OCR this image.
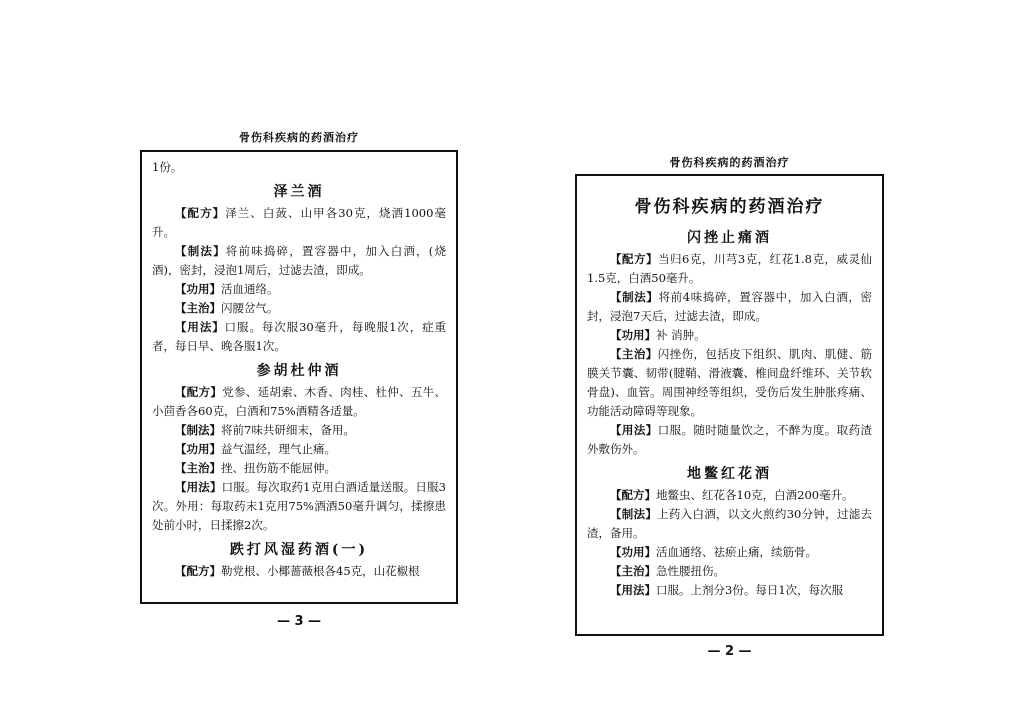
骨伤科疾病的药酒治疗

1份。

泽兰酒

【配方】泽兰、白蔹、山甲各30克，烧酒1000毫升。

【制法】将前味捣碎，置容器中，加入白酒，(烧酒)，密封，浸泡1周后，过滤去渣，即成。

【功用】活血通络。

【主治】闪腰岔气。

【用法】口服。每次服30毫升，每晚服1次，症重者，每日早、晚各服1次。

参胡杜仲酒

【配方】党参、延胡索、木香、肉桂、杜仲、五牛、小茴香各60克，白酒和75%酒精各适量。

【制法】将前7味共研细末，备用。

【功用】益气温经，理气止痛。

【主治】挫、扭伤筋不能屈伸。

【用法】口服。每次取药1克用白酒适量送服。日服3次。外用：每取药末1克用75%酒酒50毫升调匀，揉擦患处前小时，日揉擦2次。

跌打风湿药酒(一)

【配方】勒党根、小椰蔷薇根各45克，山花椒根

— 3 —
骨伤科疾病的药酒治疗
骨伤科疾病的药酒治疗
闪挫止痛酒

【配方】当归6克，川芎3克，红花1.8克，威灵仙1.5克，白酒50毫升。

【制法】将前4味捣碎，置容器中，加入白酒，密封，浸泡7天后，过滤去渣，即成。

【功用】补 消肿。

【主治】闪挫伤，包括皮下组织、肌肉、肌健、筋膜关节囊、韧带(腱鞘、滑液囊、椎间盘纤维环、关节软骨盘)、血管。周围神经等组织，受伤后发生肿胀疼痛、功能活动障碍等现象。

【用法】口服。随时随量饮之，不醉为度。取药渣外敷伤外。

地鳖红花酒

【配方】地鳖虫、红花各10克，白酒200毫升。

【制法】上药入白酒，以文火煎约30分钟，过滤去渣，备用。

【功用】活血通络、祛瘀止痛，续筋骨。

【主治】急性腰扭伤。

【用法】口服。上剂分3份。每日1次，每次服

— 2 —
